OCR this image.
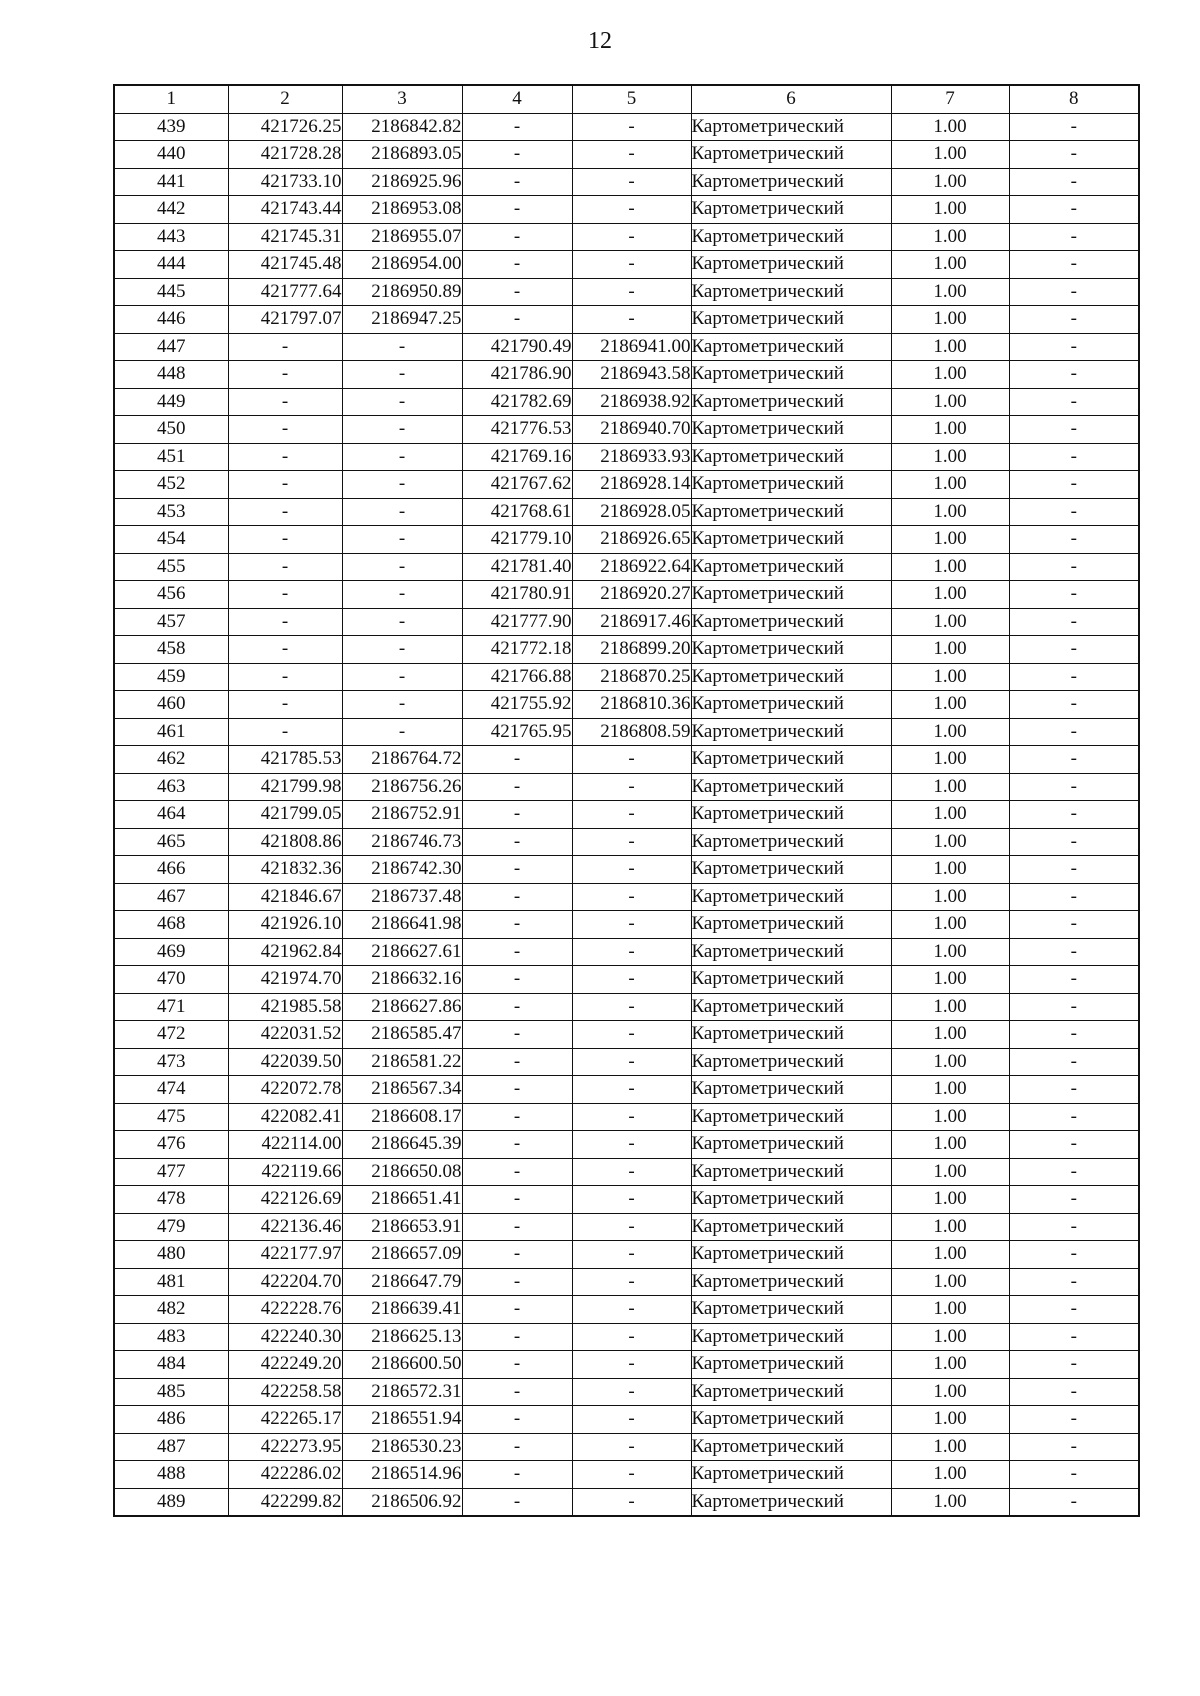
12
1	2	3	4	5	6	7	8
439	421726.25	2186842.82	-	-	Картометрический	1.00	-
440	421728.28	2186893.05	-	-	Картометрический	1.00	-
441	421733.10	2186925.96	-	-	Картометрический	1.00	-
442	421743.44	2186953.08	-	-	Картометрический	1.00	-
443	421745.31	2186955.07	-	-	Картометрический	1.00	-
444	421745.48	2186954.00	-	-	Картометрический	1.00	-
445	421777.64	2186950.89	-	-	Картометрический	1.00	-
446	421797.07	2186947.25	-	-	Картометрический	1.00	-
447	-	-	421790.49	2186941.00	Картометрический	1.00	-
448	-	-	421786.90	2186943.58	Картометрический	1.00	-
449	-	-	421782.69	2186938.92	Картометрический	1.00	-
450	-	-	421776.53	2186940.70	Картометрический	1.00	-
451	-	-	421769.16	2186933.93	Картометрический	1.00	-
452	-	-	421767.62	2186928.14	Картометрический	1.00	-
453	-	-	421768.61	2186928.05	Картометрический	1.00	-
454	-	-	421779.10	2186926.65	Картометрический	1.00	-
455	-	-	421781.40	2186922.64	Картометрический	1.00	-
456	-	-	421780.91	2186920.27	Картометрический	1.00	-
457	-	-	421777.90	2186917.46	Картометрический	1.00	-
458	-	-	421772.18	2186899.20	Картометрический	1.00	-
459	-	-	421766.88	2186870.25	Картометрический	1.00	-
460	-	-	421755.92	2186810.36	Картометрический	1.00	-
461	-	-	421765.95	2186808.59	Картометрический	1.00	-
462	421785.53	2186764.72	-	-	Картометрический	1.00	-
463	421799.98	2186756.26	-	-	Картометрический	1.00	-
464	421799.05	2186752.91	-	-	Картометрический	1.00	-
465	421808.86	2186746.73	-	-	Картометрический	1.00	-
466	421832.36	2186742.30	-	-	Картометрический	1.00	-
467	421846.67	2186737.48	-	-	Картометрический	1.00	-
468	421926.10	2186641.98	-	-	Картометрический	1.00	-
469	421962.84	2186627.61	-	-	Картометрический	1.00	-
470	421974.70	2186632.16	-	-	Картометрический	1.00	-
471	421985.58	2186627.86	-	-	Картометрический	1.00	-
472	422031.52	2186585.47	-	-	Картометрический	1.00	-
473	422039.50	2186581.22	-	-	Картометрический	1.00	-
474	422072.78	2186567.34	-	-	Картометрический	1.00	-
475	422082.41	2186608.17	-	-	Картометрический	1.00	-
476	422114.00	2186645.39	-	-	Картометрический	1.00	-
477	422119.66	2186650.08	-	-	Картометрический	1.00	-
478	422126.69	2186651.41	-	-	Картометрический	1.00	-
479	422136.46	2186653.91	-	-	Картометрический	1.00	-
480	422177.97	2186657.09	-	-	Картометрический	1.00	-
481	422204.70	2186647.79	-	-	Картометрический	1.00	-
482	422228.76	2186639.41	-	-	Картометрический	1.00	-
483	422240.30	2186625.13	-	-	Картометрический	1.00	-
484	422249.20	2186600.50	-	-	Картометрический	1.00	-
485	422258.58	2186572.31	-	-	Картометрический	1.00	-
486	422265.17	2186551.94	-	-	Картометрический	1.00	-
487	422273.95	2186530.23	-	-	Картометрический	1.00	-
488	422286.02	2186514.96	-	-	Картометрический	1.00	-
489	422299.82	2186506.92	-	-	Картометрический	1.00	-
